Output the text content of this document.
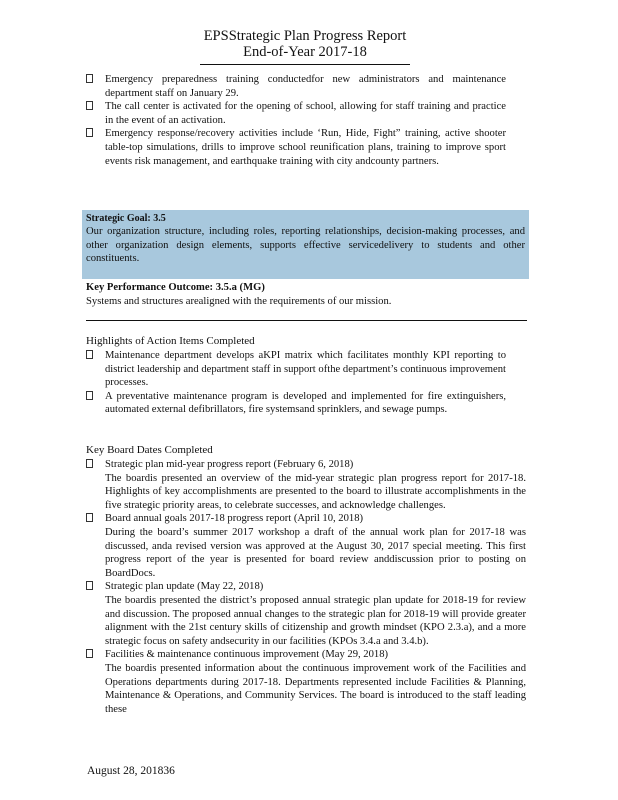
EPSStrategic Plan Progress Report
End-of-Year 2017-18
Emergency preparedness training conductedfor new administrators and maintenance department staff on January 29.
The call center is activated for the opening of school, allowing for staff training and practice in the event of an activation.
Emergency response/recovery activities include ‘Run, Hide, Fight” training, active shooter table-top simulations, drills to improve school reunification plans, training to improve sport events risk management, and earthquake training with city andcounty partners.
Strategic Goal: 3.5
Our organization structure, including roles, reporting relationships, decision-making processes, and other organization design elements, supports effective servicedelivery to students and other constituents.
Key Performance Outcome: 3.5.a (MG)
Systems and structures arealigned with the requirements of our mission.
Highlights of Action Items Completed
Maintenance department develops aKPI matrix which facilitates monthly KPI reporting to district leadership and department staff in support ofthe department’s continuous improvement processes.
A preventative maintenance program is developed and implemented for fire extinguishers, automated external defibrillators, fire systemsand sprinklers, and sewage pumps.
Key Board Dates Completed
Strategic plan mid-year progress report (February 6, 2018)
The boardis presented an overview of the mid-year strategic plan progress report for 2017-18. Highlights of key accomplishments are presented to the board to illustrate accomplishments in the five strategic priority areas, to celebrate successes, and acknowledge challenges.
Board annual goals 2017-18 progress report (April 10, 2018)
During the board’s summer 2017 workshop a draft of the annual work plan for 2017-18 was discussed, anda revised version was approved at the August 30, 2017 special meeting. This first progress report of the year is presented for board review anddiscussion prior to posting on BoardDocs.
Strategic plan update (May 22, 2018)
The boardis presented the district’s proposed annual strategic plan update for 2018-19 for review and discussion. The proposed annual changes to the strategic plan for 2018-19 will provide greater alignment with the 21st century skills of citizenship and growth mindset (KPO 2.3.a), and a more strategic focus on safety andsecurity in our facilities (KPOs 3.4.a and 3.4.b).
Facilities & maintenance continuous improvement (May 29, 2018)
The boardis presented information about the continuous improvement work of the Facilities and Operations departments during 2017-18. Departments represented include Facilities & Planning, Maintenance & Operations, and Community Services. The board is introduced to the staff leading these
August 28, 201836
